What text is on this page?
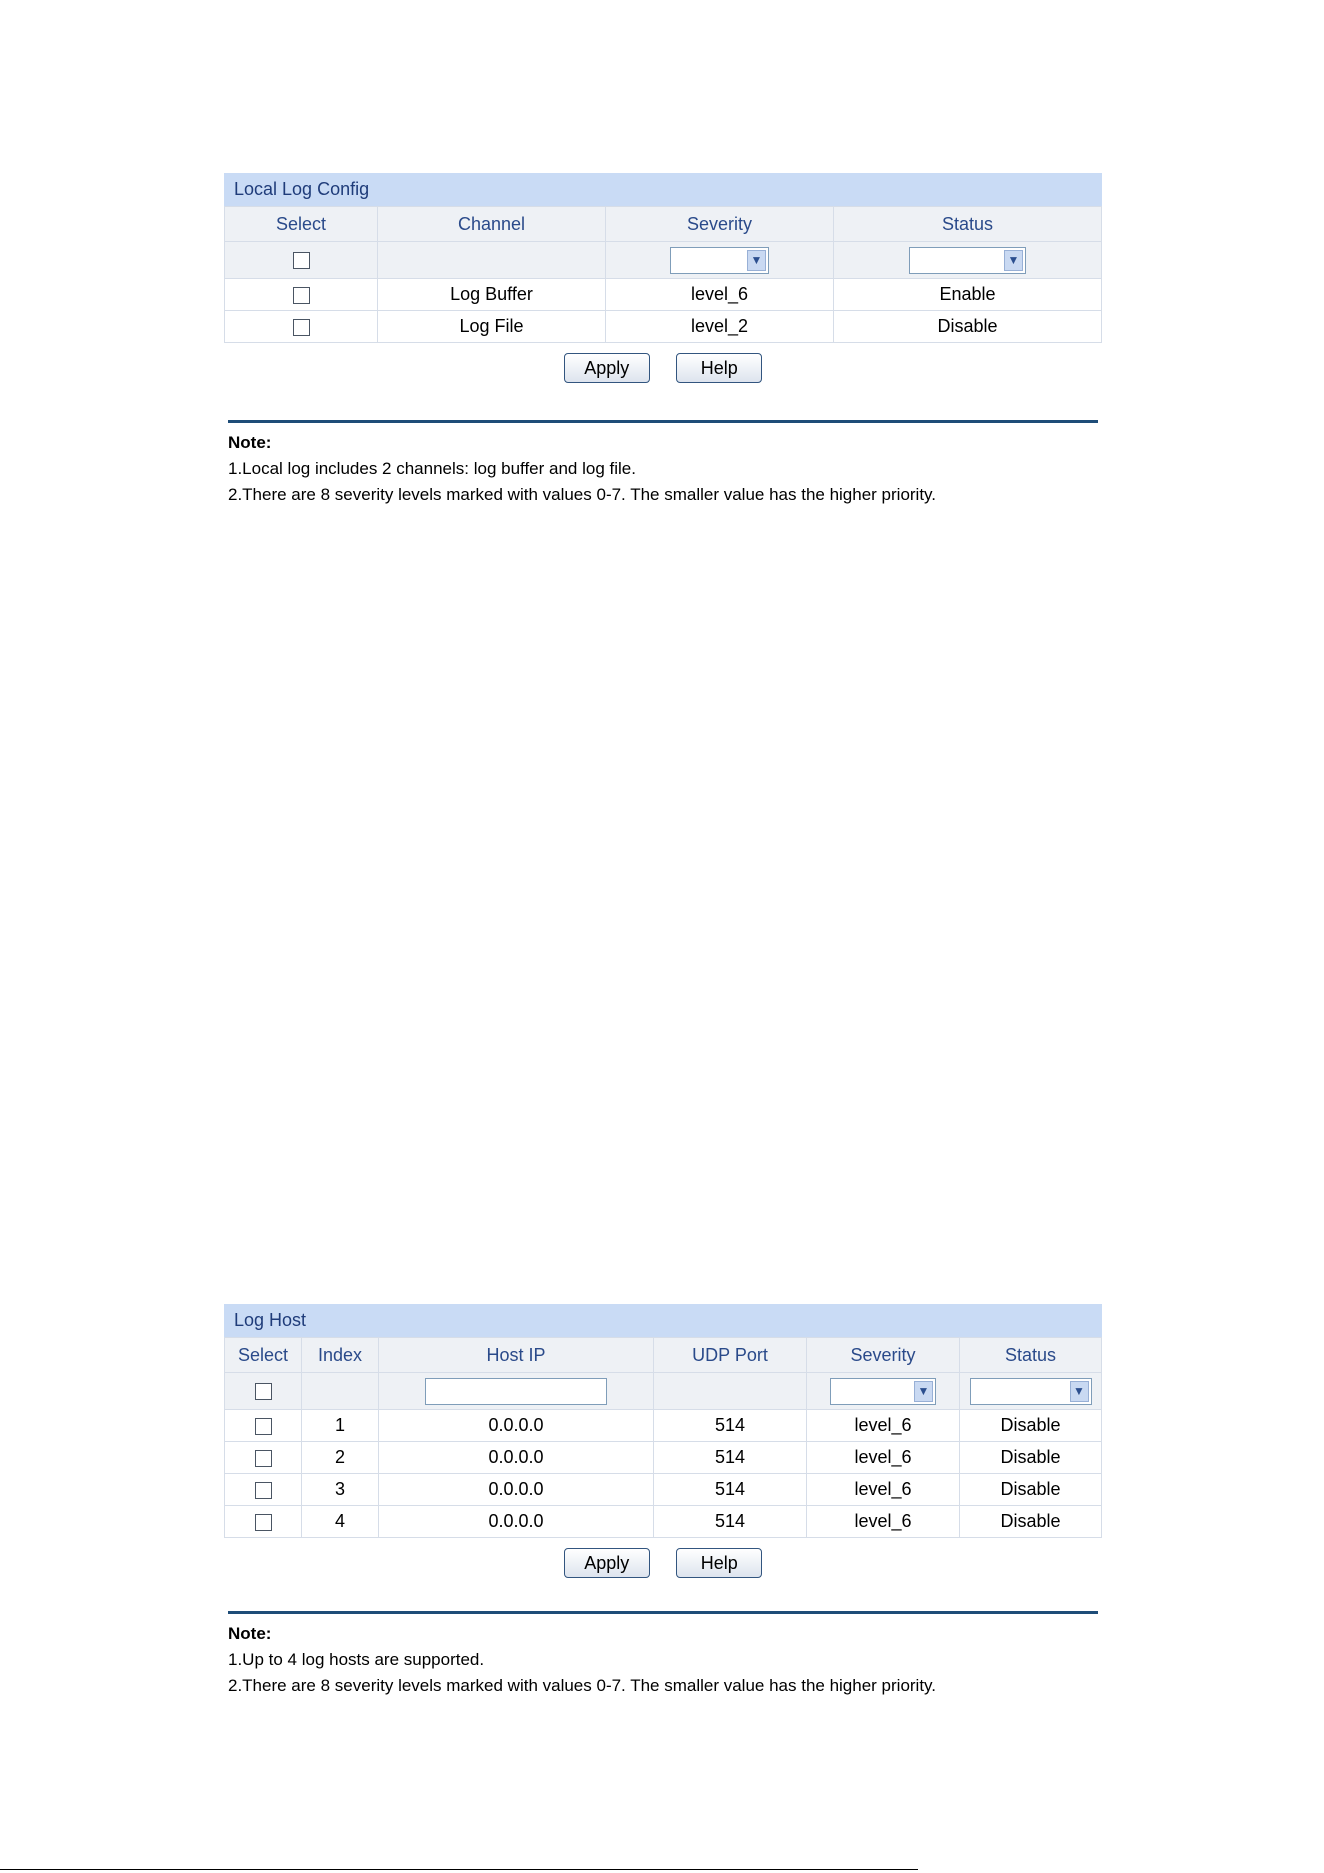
Local Log Config
Select	Channel	Severity	Status

		▼	▼

	Log Buffer	level_6	Enable
	Log File	level_2	Disable
Apply	Help
Note:
1.Local log includes 2 channels: log buffer and log file.
2.There are 8 severity levels marked with values 0-7. The smaller value has the higher priority.
Log Host
Select	Index	Host IP	UDP Port	Severity	Status

				▼	▼

	1	0.0.0.0	514	level_6	Disable
	2	0.0.0.0	514	level_6	Disable
	3	0.0.0.0	514	level_6	Disable
	4	0.0.0.0	514	level_6	Disable
Apply	Help
Note:
1.Up to 4 log hosts are supported.
2.There are 8 severity levels marked with values 0-7. The smaller value has the higher priority.
